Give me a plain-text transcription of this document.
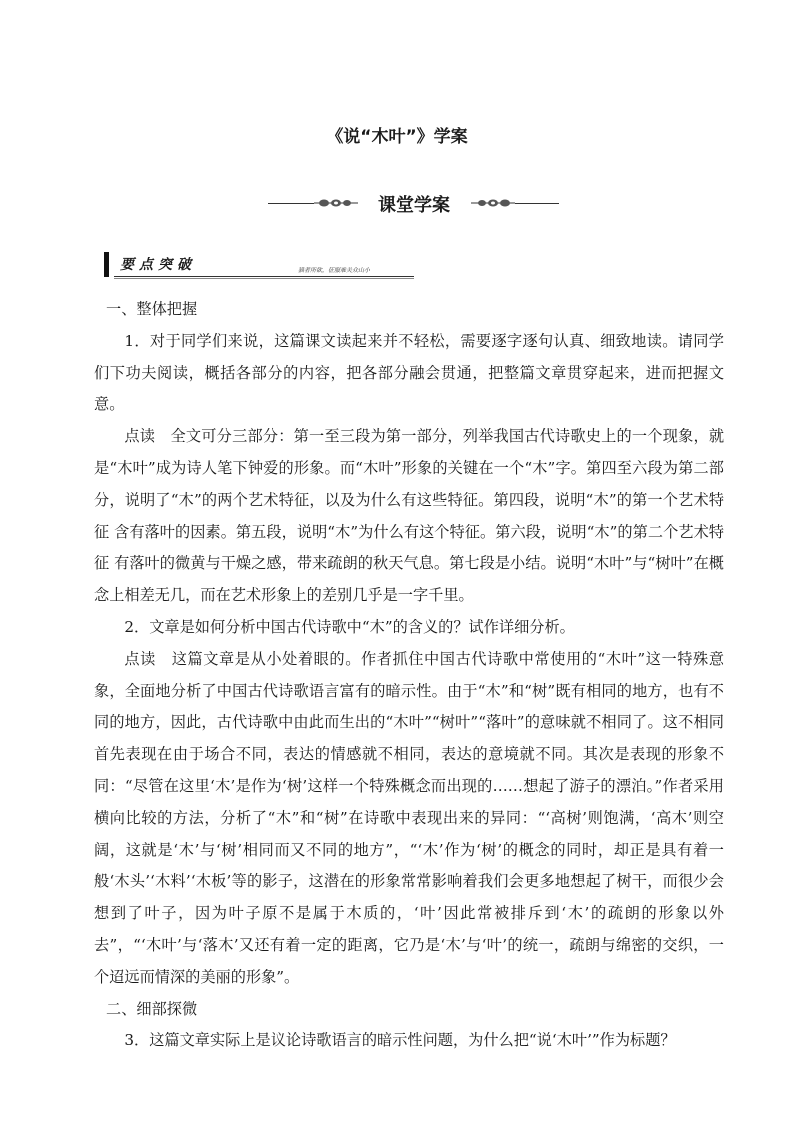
《说“木叶”》学案
课堂学案
要点突破	猫者所欲，征服难关众山小

一、整体把握

1．对于同学们来说，这篇课文读起来并不轻松，需要逐字逐句认真、细致地读。请同学们下功夫阅读，概括各部分的内容，把各部分融会贯通，把整篇文章贯穿起来，进而把握文意。

点读　 全文可分三部分：第一至三段为第一部分，列举我国古代诗歌史上的一个现象，就是“木叶”成为诗人笔下钟爱的形象。而“木叶”形象的关键在一个“木”字。第四至六段为第二部分，说明了“木”的两个艺术特征，以及为什么有这些特征。第四段，说明“木”的第一个艺术特征 含有落叶的因素。第五段，说明“木”为什么有这个特征。第六段，说明“木”的第二个艺术特征 有落叶的微黄与干燥之感，带来疏朗的秋天气息。第七段是小结。说明“木叶”与“树叶”在概念上相差无几，而在艺术形象上的差别几乎是一字千里。

2．文章是如何分析中国古代诗歌中“木”的含义的？试作详细分析。

点读　 这篇文章是从小处着眼的。作者抓住中国古代诗歌中常使用的“木叶”这一特殊意象，全面地分析了中国古代诗歌语言富有的暗示性。由于“木”和“树”既有相同的地方，也有不同的地方，因此，古代诗歌中由此而生出的“木叶”“树叶”“落叶”的意味就不相同了。这不相同首先表现在由于场合不同，表达的情感就不相同，表达的意境就不同。其次是表现的形象不同：“尽管在这里‘木’是作为‘树’这样一个特殊概念而出现的……想起了游子的漂泊。”作者采用横向比较的方法，分析了“木”和“树”在诗歌中表现出来的异同：“‘高树’则饱满，‘高木’则空阔，这就是‘木’与‘树’相同而又不同的地方”，“‘木’作为‘树’的概念的同时，却正是具有着一般‘木头’‘木料’‘木板’等的影子，这潜在的形象常常影响着我们会更多地想起了树干，而很少会想到了叶子，因为叶子原不是属于木质的，‘叶’因此常被排斥到‘木’的疏朗的形象以外去”，“‘木叶’与‘落木’又还有着一定的距离，它乃是‘木’与‘叶’的统一，疏朗与绵密的交织，一个迢远而情深的美丽的形象”。

二、细部探微

3．这篇文章实际上是议论诗歌语言的暗示性问题，为什么把“说‘木叶’”作为标题？
